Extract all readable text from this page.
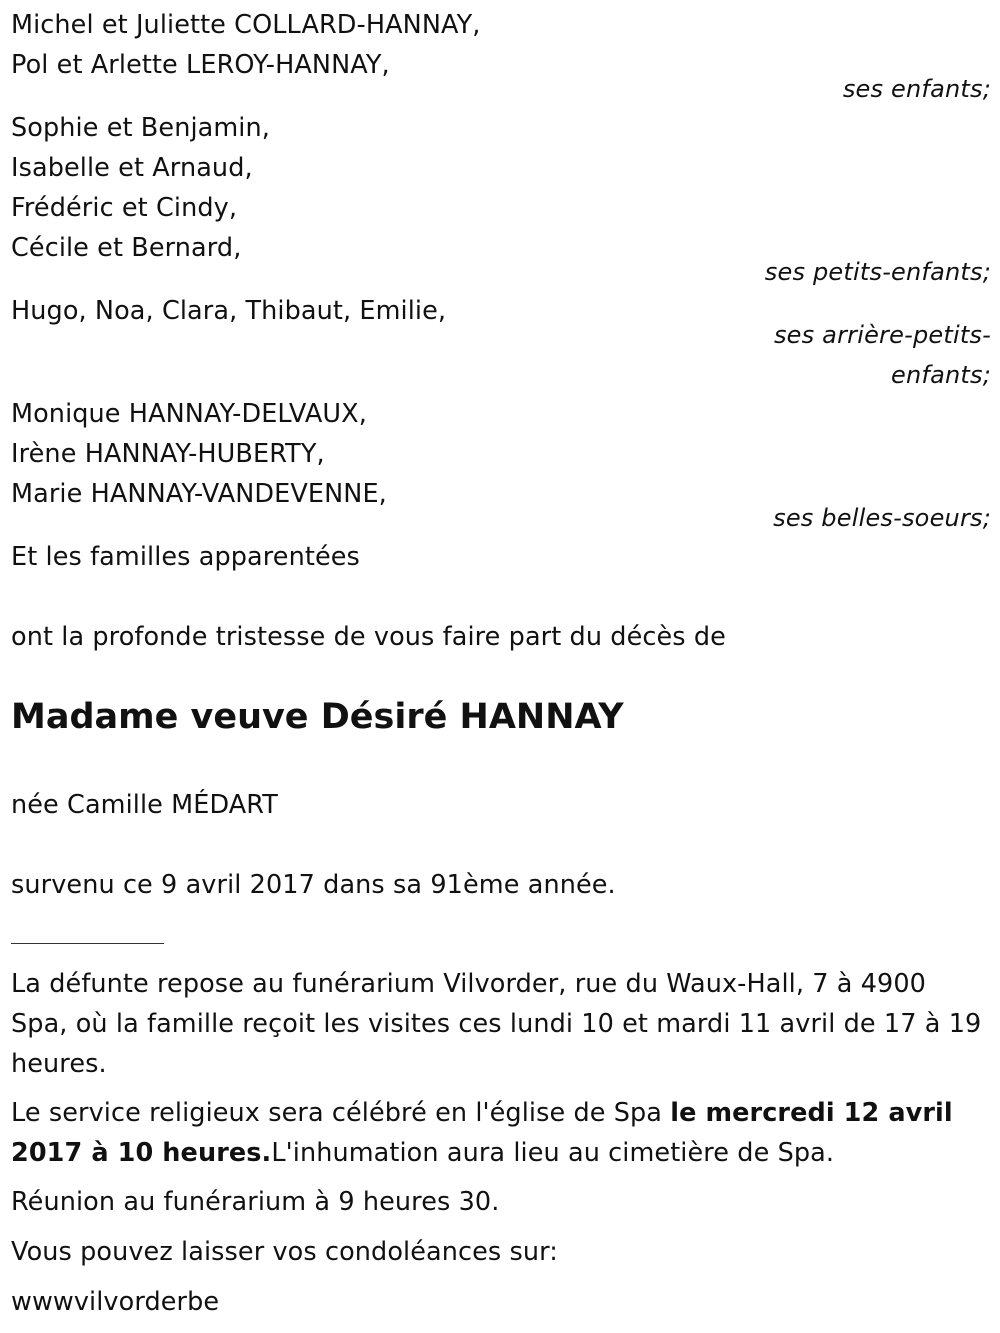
Michel et Juliette COLLARD-HANNAY,
Pol et Arlette LEROY-HANNAY,
ses enfants;
Sophie et Benjamin,
Isabelle et Arnaud,
Frédéric et Cindy,
Cécile et Bernard,
ses petits-enfants;
Hugo, Noa, Clara, Thibaut, Emilie,
ses arrière-petits-
enfants;
Monique HANNAY-DELVAUX,
Irène HANNAY-HUBERTY,
Marie HANNAY-VANDEVENNE,
ses belles-soeurs;
Et les familles apparentées
ont la profonde tristesse de vous faire part du décès de
Madame veuve Désiré HANNAY
née Camille MÉDART
survenu ce 9 avril 2017 dans sa 91ème année.
La défunte repose au funérarium Vilvorder, rue du Waux-Hall, 7 à 4900 Spa, où la famille reçoit les visites ces lundi 10 et mardi 11 avril de 17 à 19 heures.
Le service religieux sera célébré en l'église de Spa le mercredi 12 avril 2017 à 10 heures.L'inhumation aura lieu au cimetière de Spa.
Réunion au funérarium à 9 heures 30.
Vous pouvez laisser vos condoléances sur:
wwwvilvorderbe
